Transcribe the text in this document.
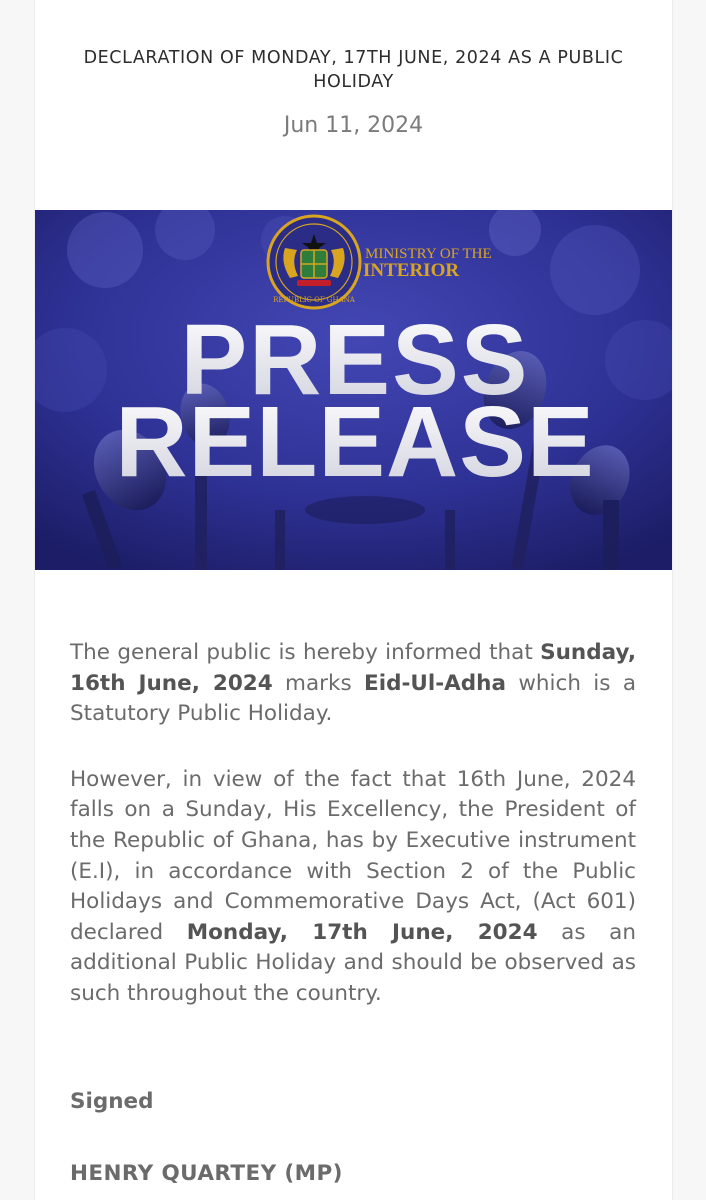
DECLARATION OF MONDAY, 17TH JUNE, 2024 AS A PUBLIC HOLIDAY
Jun 11, 2024
REPUBLIC OF GHANA
MINISTRY OF THE
INTERIOR
PRESS
RELEASE

The general public is hereby informed that Sunday, 16th June, 2024 marks Eid-Ul-Adha which is a Statutory Public Holiday.

However, in view of the fact that 16th June, 2024 falls on a Sunday, His Excellency, the President of the Republic of Ghana, has by Executive instrument (E.I), in accordance with Section 2 of the Public Holidays and Commemorative Days Act, (Act 601) declared Monday, 17th June, 2024 as an additional Public Holiday and should be observed as such throughout the country.

Signed
HENRY QUARTEY (MP)
